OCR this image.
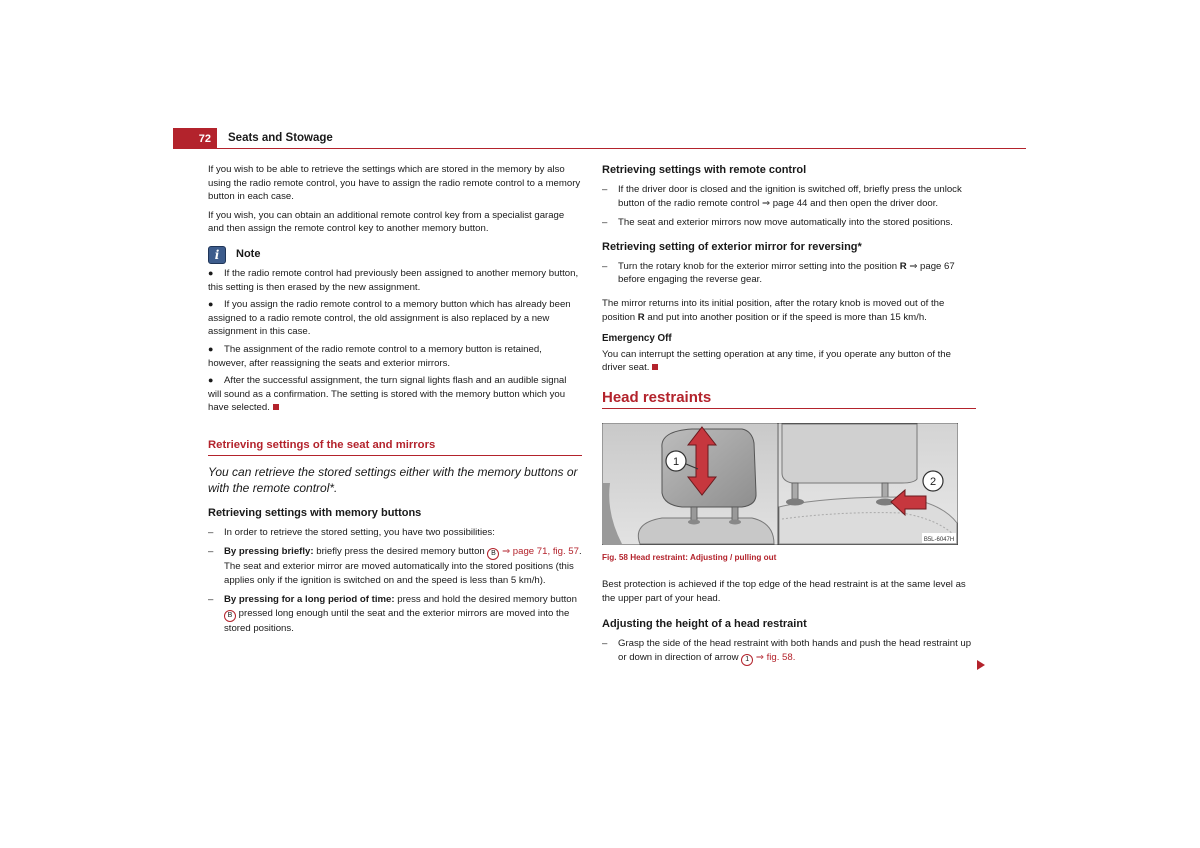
72	Seats and Stowage

If you wish to be able to retrieve the settings which are stored in the memory by also using the radio remote control, you have to assign the radio remote control to a memory button in each case.

If you wish, you can obtain an additional remote control key from a specialist garage and then assign the remote control key to another memory button.

i	Note
● If the radio remote control had previously been assigned to another memory button, this setting is then erased by the new assignment.
● If you assign the radio remote control to a memory button which has already been assigned to a radio remote control, the old assignment is also replaced by a new assignment in this case.
● The assignment of the radio remote control to a memory button is retained, however, after reassigning the seats and exterior mirrors.
● After the successful assignment, the turn signal lights flash and an audible signal will sound as a confirmation. The setting is stored with the memory button which you have selected.
Retrieving settings of the seat and mirrors
You can retrieve the stored settings either with the memory buttons or with the remote control*.
Retrieving settings with memory buttons
– In order to retrieve the stored setting, you have two possibilities:
– By pressing briefly: briefly press the desired memory button B ⇒ page 71, fig. 57. The seat and exterior mirror are moved automatically into the stored positions (this applies only if the ignition is switched on and the speed is less than 5 km/h).
– By pressing for a long period of time: press and hold the desired memory button B pressed long enough until the seat and the exterior mirrors are moved into the stored positions.
Retrieving settings with remote control
– If the driver door is closed and the ignition is switched off, briefly press the unlock button of the radio remote control ⇒ page 44 and then open the driver door.
– The seat and exterior mirrors now move automatically into the stored positions.
Retrieving setting of exterior mirror for reversing*
– Turn the rotary knob for the exterior mirror setting into the position R ⇒ page 67 before engaging the reverse gear.

The mirror returns into its initial position, after the rotary knob is moved out of the position R and put into another position or if the speed is more than 15 km/h.

Emergency Off

You can interrupt the setting operation at any time, if you operate any button of the driver seat.

Head restraints
1
2
B5L-6047H
Fig. 58 Head restraint: Adjusting / pulling out

Best protection is achieved if the top edge of the head restraint is at the same level as the upper part of your head.

Adjusting the height of a head restraint
– Grasp the side of the head restraint with both hands and push the head restraint up or down in direction of arrow 1 ⇒ fig. 58.
